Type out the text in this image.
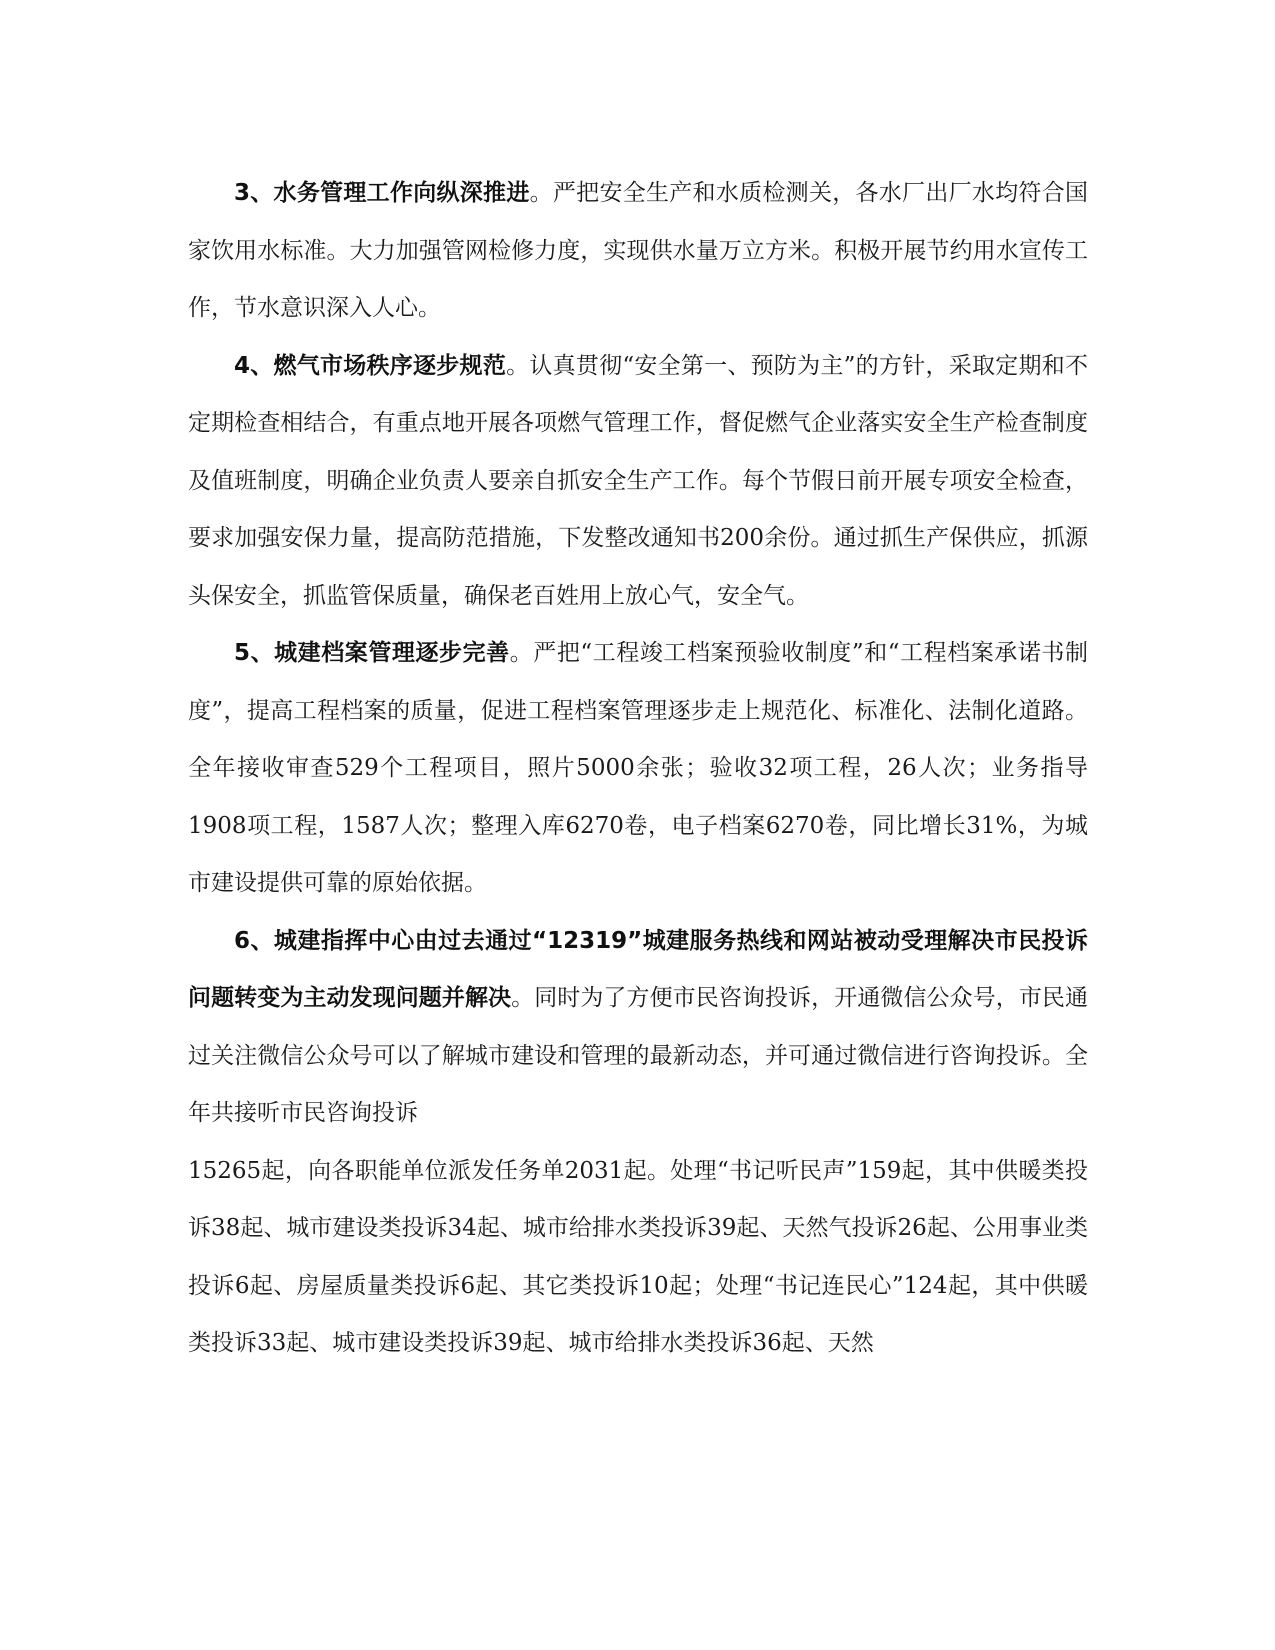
3、水务管理工作向纵深推进。严把安全生产和水质检测关，各水厂出厂水均符合国家饮用水标准。大力加强管网检修力度，实现供水量万立方米。积极开展节约用水宣传工作，节水意识深入人心。

4、燃气市场秩序逐步规范。认真贯彻“安全第一、预防为主”的方针，采取定期和不定期检查相结合，有重点地开展各项燃气管理工作，督促燃气企业落实安全生产检查制度及值班制度，明确企业负责人要亲自抓安全生产工作。每个节假日前开展专项安全检查，要求加强安保力量，提高防范措施，下发整改通知书200余份。通过抓生产保供应，抓源头保安全，抓监管保质量，确保老百姓用上放心气，安全气。

5、城建档案管理逐步完善。严把“工程竣工档案预验收制度”和“工程档案承诺书制度”，提高工程档案的质量，促进工程档案管理逐步走上规范化、标准化、法制化道路。全年接收审查529个工程项目，照片5000余张；验收32项工程，26人次；业务指导1908项工程，1587人次；整理入库6270卷，电子档案6270卷，同比增长31%，为城市建设提供可靠的原始依据。

6、城建指挥中心由过去通过“12319”城建服务热线和网站被动受理解决市民投诉问题转变为主动发现问题并解决。同时为了方便市民咨询投诉，开通微信公众号，市民通过关注微信公众号可以了解城市建设和管理的最新动态，并可通过微信进行咨询投诉。全年共接听市民咨询投诉

15265起，向各职能单位派发任务单2031起。处理“书记听民声”159起，其中供暖类投诉38起、城市建设类投诉34起、城市给排水类投诉39起、天然气投诉26起、公用事业类投诉6起、房屋质量类投诉6起、其它类投诉10起；处理“书记连民心”124起，其中供暖类投诉33起、城市建设类投诉39起、城市给排水类投诉36起、天然
